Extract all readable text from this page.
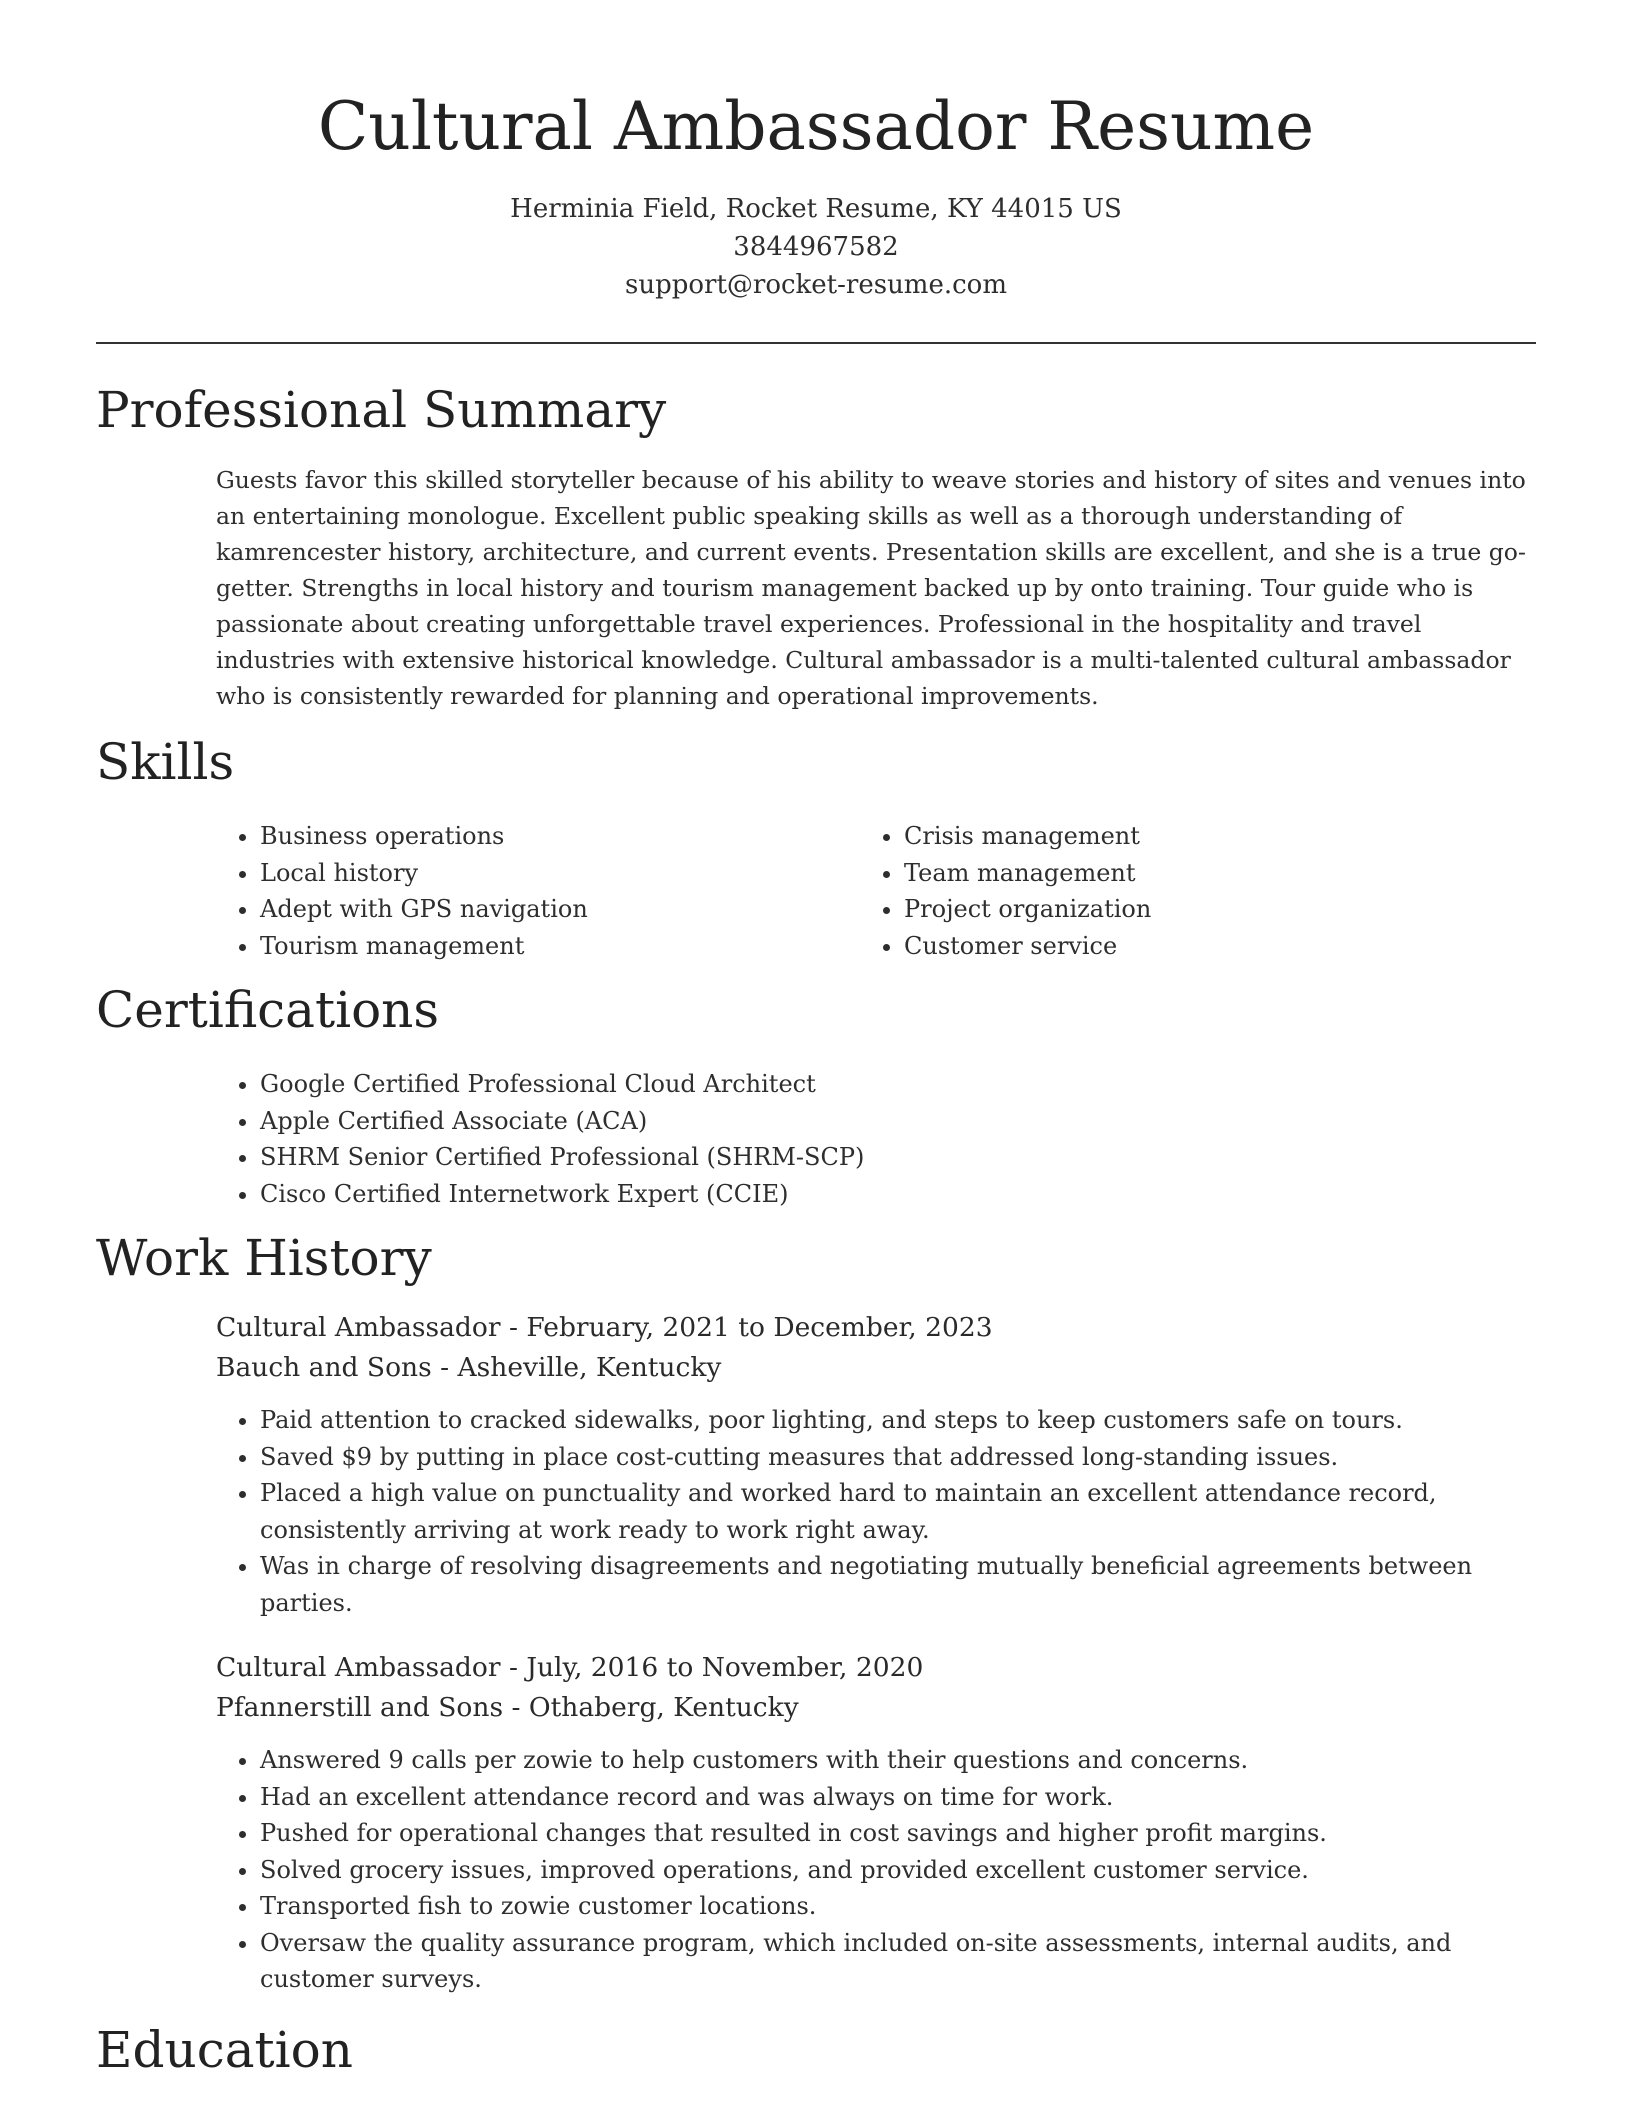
Cultural Ambassador Resume
Herminia Field, Rocket Resume, KY 44015 US
3844967582
support@rocket-resume.com
Professional Summary

Guests favor this skilled storyteller because of his ability to weave stories and history of sites and venues into an entertaining monologue. Excellent public speaking skills as well as a thorough understanding of kamrencester history, architecture, and current events. Presentation skills are excellent, and she is a true go-getter. Strengths in local history and tourism management backed up by onto training. Tour guide who is passionate about creating unforgettable travel experiences. Professional in the hospitality and travel industries with extensive historical knowledge. Cultural ambassador is a multi-talented cultural ambassador who is consistently rewarded for planning and operational improvements.

Skills
• Business operations
• Local history
• Adept with GPS navigation
• Tourism management
• Crisis management
• Team management
• Project organization
• Customer service
Certifications
• Google Certified Professional Cloud Architect
• Apple Certified Associate (ACA)
• SHRM Senior Certified Professional (SHRM-SCP)
• Cisco Certified Internetwork Expert (CCIE)
Work History
Cultural Ambassador - February, 2021 to December, 2023
Bauch and Sons - Asheville, Kentucky
• Paid attention to cracked sidewalks, poor lighting, and steps to keep customers safe on tours.
• Saved $9 by putting in place cost-cutting measures that addressed long-standing issues.
• Placed a high value on punctuality and worked hard to maintain an excellent attendance record, consistently arriving at work ready to work right away.
• Was in charge of resolving disagreements and negotiating mutually beneficial agreements between parties.
Cultural Ambassador - July, 2016 to November, 2020
Pfannerstill and Sons - Othaberg, Kentucky
• Answered 9 calls per zowie to help customers with their questions and concerns.
• Had an excellent attendance record and was always on time for work.
• Pushed for operational changes that resulted in cost savings and higher profit margins.
• Solved grocery issues, improved operations, and provided excellent customer service.
• Transported fish to zowie customer locations.
• Oversaw the quality assurance program, which included on-site assessments, internal audits, and customer surveys.
Education
